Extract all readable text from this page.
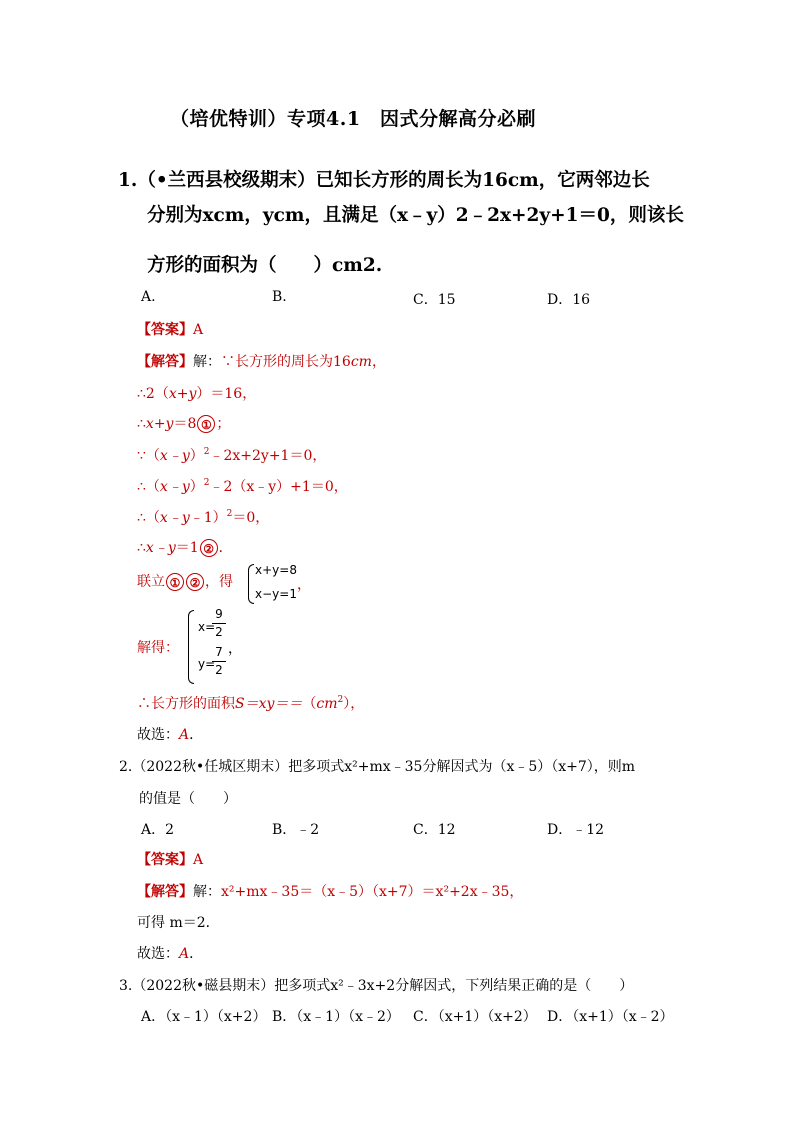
（培优特训）专项4.1　因式分解高分必刷
1.（•兰西县校级期末）已知长方形的周长为16cm，它两邻边长
分别为xcm，ycm，且满足（x﹣y）2﹣2x+2y+1＝0，则该长
方形的面积为（　　）cm2.
A.	B.	C．15	D．16
【答案】A
【解答】解：∵长方形的周长为16cm，
∴2（x+y）＝16，
∴x+y＝8 ① ；
∵（x﹣y）$^2$﹣2x+2y+1＝0，
∴（x﹣y）$^2$﹣2（x﹣y）+1＝0，
∴（x﹣y﹣1）$^2$＝0，
∴x﹣y＝1 ② ．
联立 ① ② ，得
x+y=8
x−y=1
，
解得：
x=
9
2
，
y=
7
2
∴长方形的面积$S=xy==(cm^2)$，
故选：A．
2.（2022秋•任城区期末）把多项式x²+mx﹣35分解因式为（x﹣5）（x+7），则m
的值是（　　）
A．2	B．﹣2	C．12	D．﹣12
【答案】A
【解答】解：x²+mx﹣35＝（x﹣5）（x+7）＝x²+2x﹣35，
可得 m＝2．
故选：A．
3.（2022秋•磁县期末）把多项式x²﹣3x+2分解因式，下列结果正确的是（　　）
A．（x﹣1）（x+2） B．（x﹣1）（x﹣2） C．（x+1）（x+2） D．（x+1）（x﹣2）
